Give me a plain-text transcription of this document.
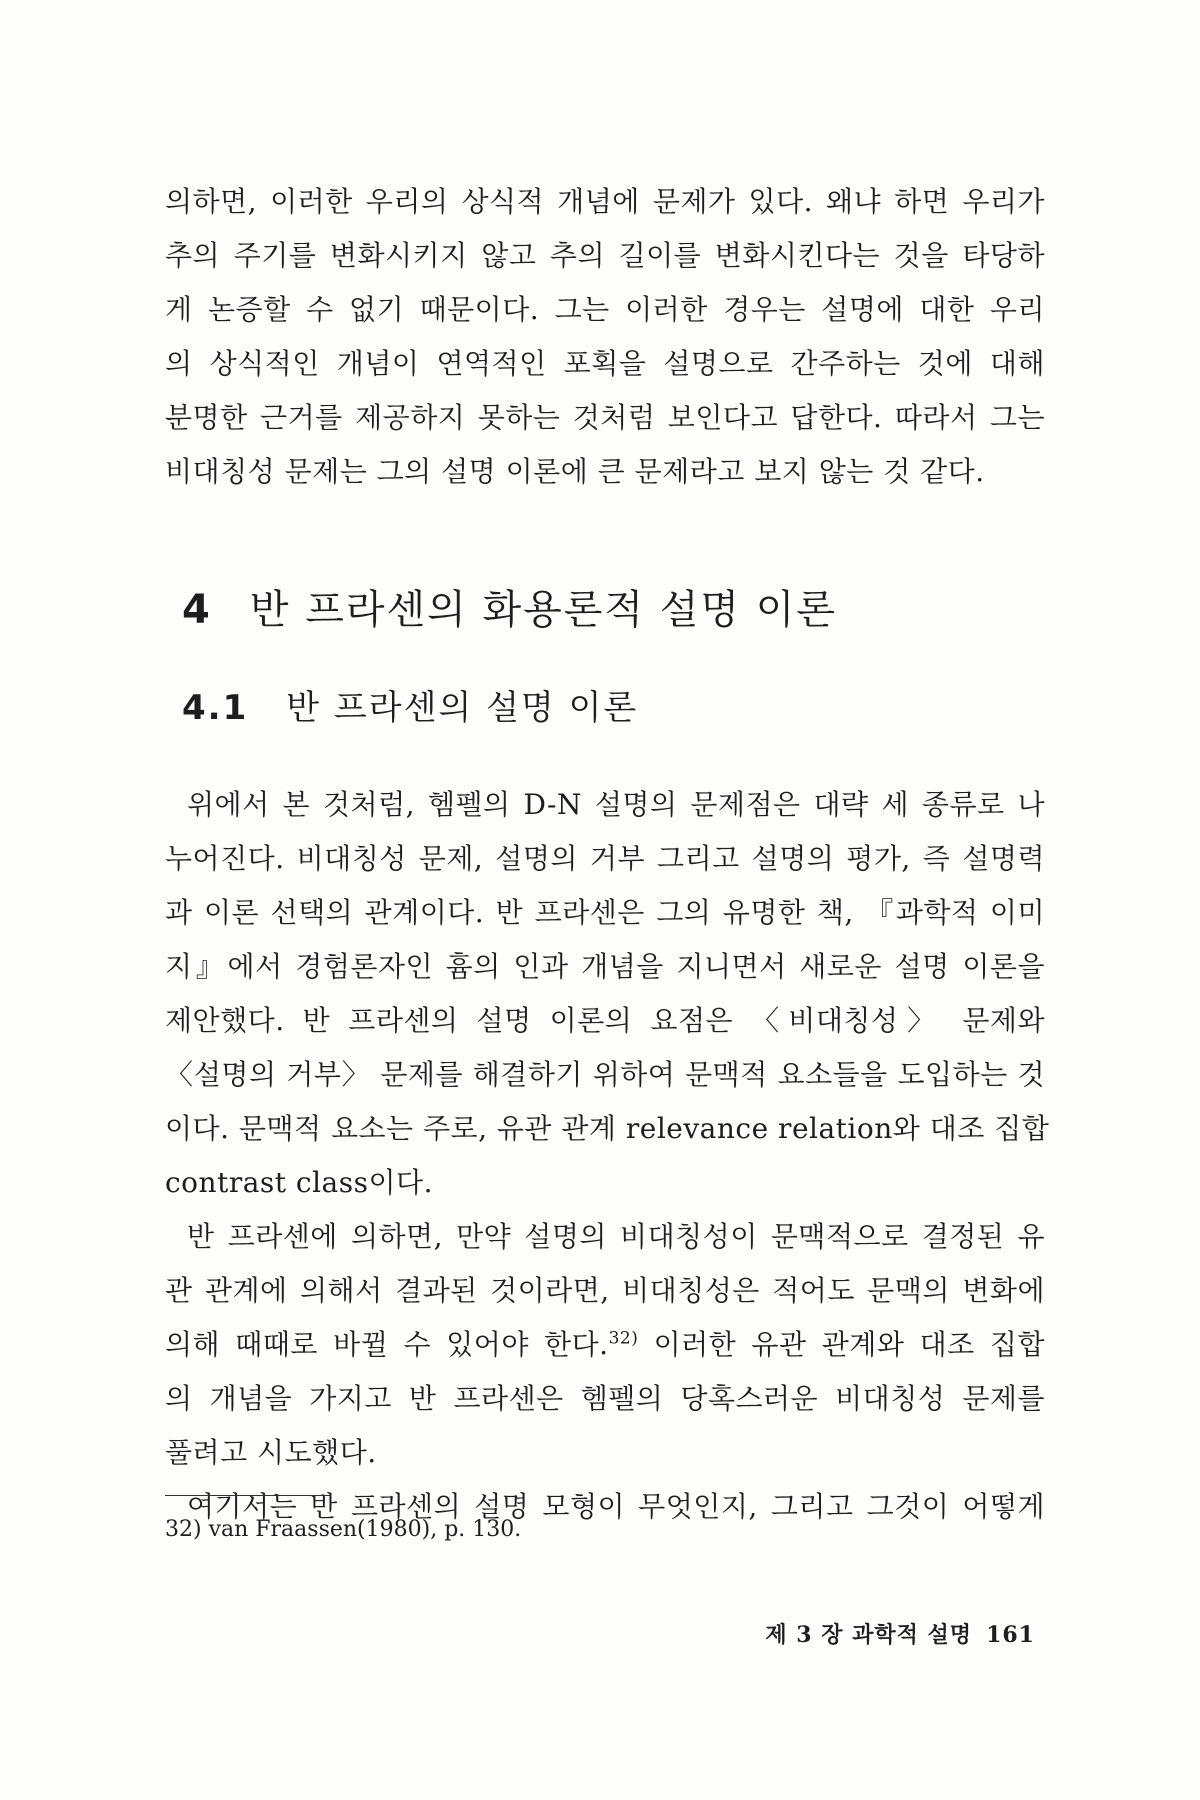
의하면, 이러한 우리의 상식적 개념에 문제가 있다. 왜냐 하면 우리가
추의 주기를 변화시키지 않고 추의 길이를 변화시킨다는 것을 타당하
게 논증할 수 없기 때문이다. 그는 이러한 경우는 설명에 대한 우리
의 상식적인 개념이 연역적인 포획을 설명으로 간주하는 것에 대해
분명한 근거를 제공하지 못하는 것처럼 보인다고 답한다. 따라서 그는
비대칭성 문제는 그의 설명 이론에 큰 문제라고 보지 않는 것 같다.
4 반 프라센의 화용론적 설명 이론
4.1 반 프라센의 설명 이론
위에서 본 것처럼, 헴펠의 D-N 설명의 문제점은 대략 세 종류로 나
누어진다. 비대칭성 문제, 설명의 거부 그리고 설명의 평가, 즉 설명력
과 이론 선택의 관계이다. 반 프라센은 그의 유명한 책, 『과학적 이미
지』에서 경험론자인 흄의 인과 개념을 지니면서 새로운 설명 이론을
제안했다. 반 프라센의 설명 이론의 요점은 〈비대칭성〉 문제와
〈설명의 거부〉 문제를 해결하기 위하여 문맥적 요소들을 도입하는 것
이다. 문맥적 요소는 주로, 유관 관계 relevance relation와 대조 집합
contrast class이다.
반 프라센에 의하면, 만약 설명의 비대칭성이 문맥적으로 결정된 유
관 관계에 의해서 결과된 것이라면, 비대칭성은 적어도 문맥의 변화에
의해 때때로 바뀔 수 있어야 한다.$^{32)}$ 이러한 유관 관계와 대조 집합
의 개념을 가지고 반 프라센은 헴펠의 당혹스러운 비대칭성 문제를
풀려고 시도했다.
여기서는 반 프라센의 설명 모형이 무엇인지, 그리고 그것이 어떻게
32) van Fraassen(1980), p. 130.
제 3 장 과학적 설명 161
